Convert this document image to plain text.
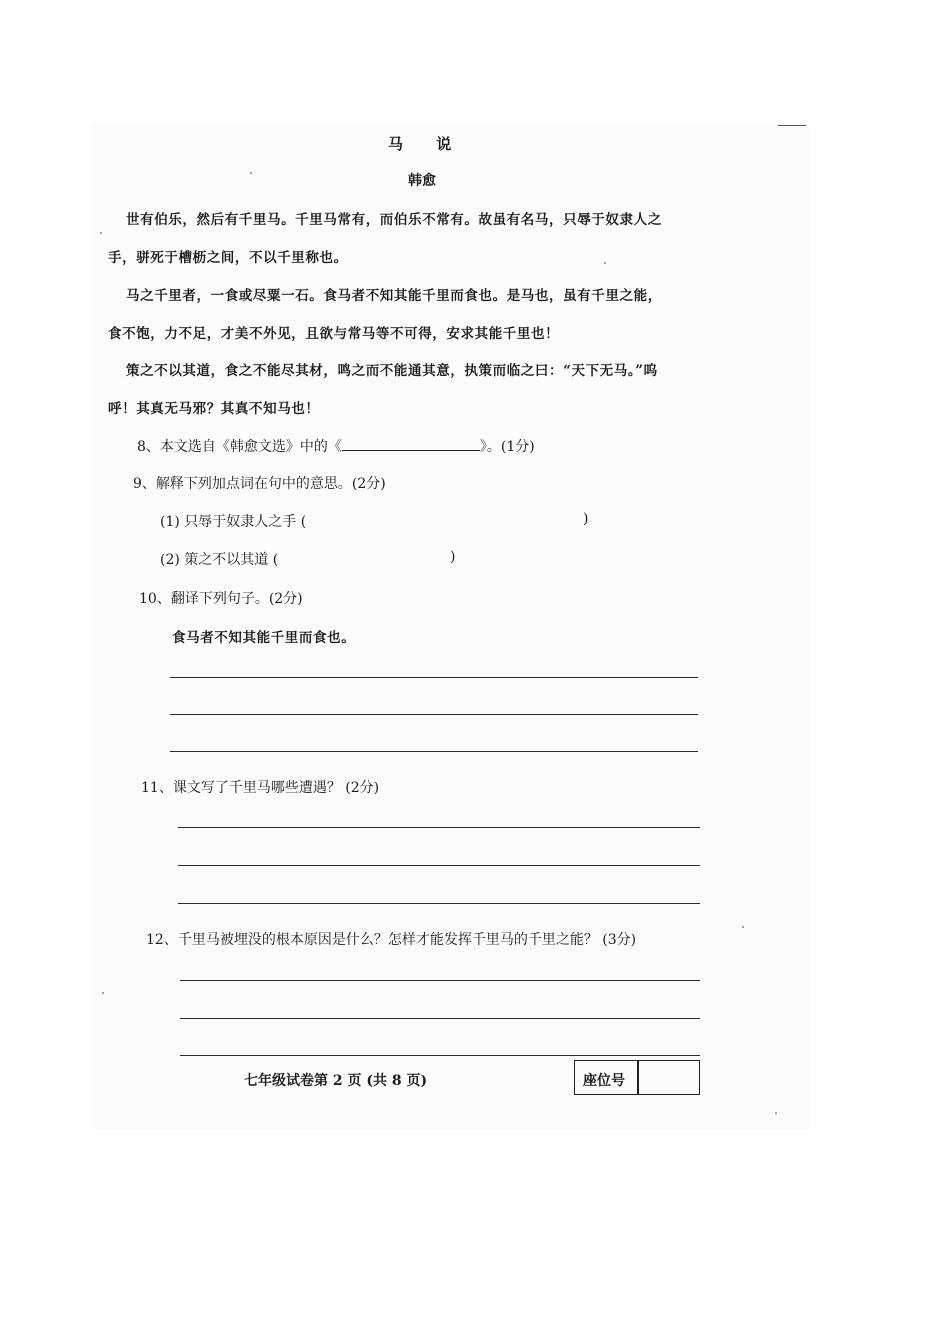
马 说
韩愈
世有伯乐，然后有千里马。千里马常有，而伯乐不常有。故虽有名马，只辱于奴隶人之
手，骈死于槽枥之间，不以千里称也。
马之千里者，一食或尽粟一石。食马者不知其能千里而食也。是马也，虽有千里之能，
食不饱，力不足，才美不外见，且欲与常马等不可得，安求其能千里也！
策之不以其道，食之不能尽其材，鸣之而不能通其意，执策而临之曰：“天下无马。”呜
呼！其真无马邪？其真不知马也！
8、本文选自《韩愈文选》中的《	》。(1分)
9、解释下列加点词在句中的意思。(2分)
(1) 只辱于奴隶人之手 (	)
(2) 策之不以其道 (	)
10、翻译下列句子。(2分)
食马者不知其能千里而食也。
11、课文写了千里马哪些遭遇？ (2分)
12、千里马被埋没的根本原因是什么？怎样才能发挥千里马的千里之能？ (3分)
七年级试卷第 2 页 (共 8 页)	座位号
